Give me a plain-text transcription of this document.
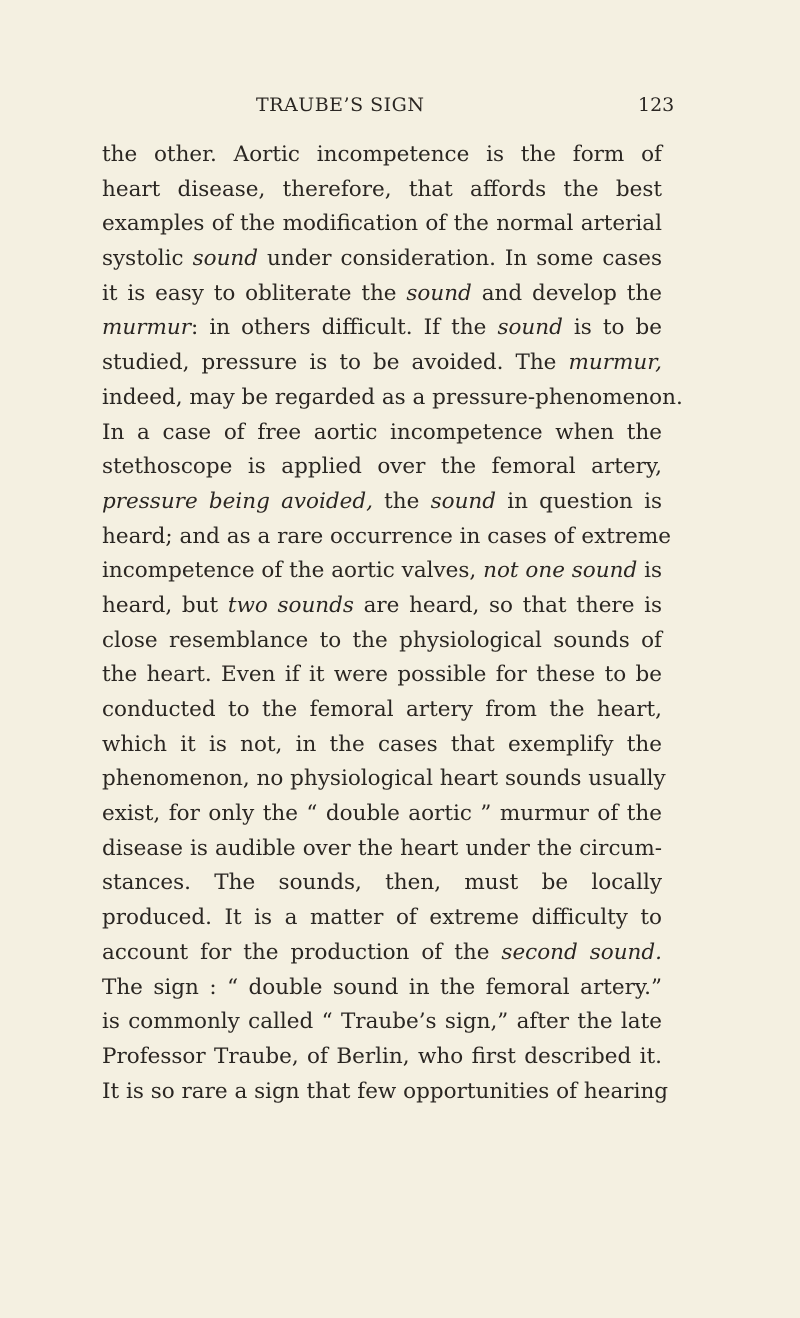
TRAUBE’S SIGN	123
the other. Aortic incompetence is the form of
heart disease, therefore, that affords the best
examples of the modification of the normal arterial
systolic sound under consideration. In some cases
it is easy to obliterate the sound and develop the
murmur: in others difficult. If the sound is to be
studied, pressure is to be avoided. The murmur,
indeed, may be regarded as a pressure-phenomenon.
In a case of free aortic incompetence when the
stethoscope is applied over the femoral artery,
pressure being avoided, the sound in question is
heard; and as a rare occurrence in cases of extreme
incompetence of the aortic valves, not one sound is
heard, but two sounds are heard, so that there is
close resemblance to the physiological sounds of
the heart. Even if it were possible for these to be
conducted to the femoral artery from the heart,
which it is not, in the cases that exemplify the
phenomenon, no physiological heart sounds usually
exist, for only the “ double aortic ” murmur of the
disease is audible over the heart under the circum-
stances. The sounds, then, must be locally
produced. It is a matter of extreme difficulty to
account for the production of the second sound.
The sign : “ double sound in the femoral artery.”
is commonly called “ Traube’s sign,” after the late
Professor Traube, of Berlin, who first described it.
It is so rare a sign that few opportunities of hearing
